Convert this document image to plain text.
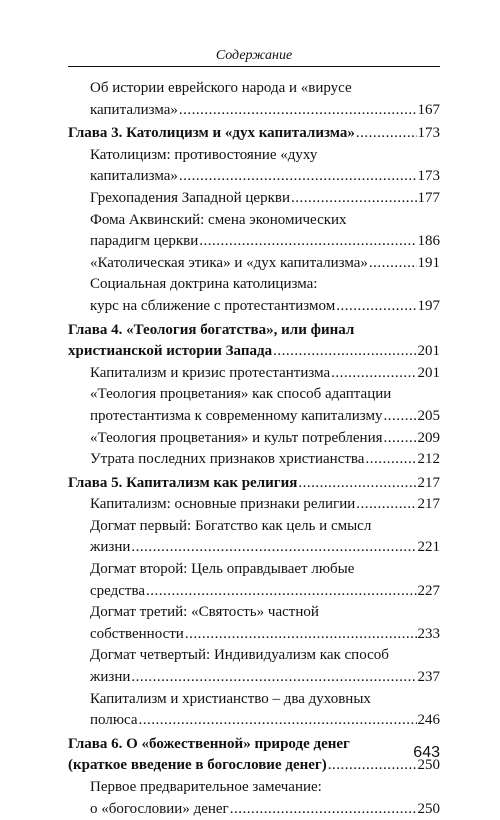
Содержание
Об истории еврейского народа и «вирусе
капитализма» .....	167
Глава 3. Католицизм и «дух капитализма» .....	173
Католицизм: противостояние «духу
капитализма» .....	173
Грехопадения Западной церкви .....	177
Фома Аквинский: смена экономических
парадигм церкви .....	186
«Католическая этика» и «дух капитализма» .....	191
Социальная доктрина католицизма:
курс на сближение с протестантизмом .....	197
Глава 4. «Теология богатства», или финал
христианской истории Запада .....	201
Капитализм и кризис протестантизма .....	201
«Теология процветания» как способ адаптации
протестантизма к современному капитализму ..... 205
«Теология процветания» и культ потребления ..... 209
Утрата последних признаков христианства .....	212
Глава 5. Капитализм как религия .....	217
Капитализм: основные признаки религии .....	217
Догмат первый: Богатство как цель и смысл
жизни .....	221
Догмат второй: Цель оправдывает любые
средства .....	227
Догмат третий: «Святость» частной
собственности .....	233
Догмат четвертый: Индивидуализм как способ
жизни .....	237
Капитализм и христианство – два духовных
полюса .....	246
Глава 6. О «божественной» природе денег
(краткое введение в богословие денег) .....	250
Первое предварительное замечание:
о «богословии» денег .....	250
643
